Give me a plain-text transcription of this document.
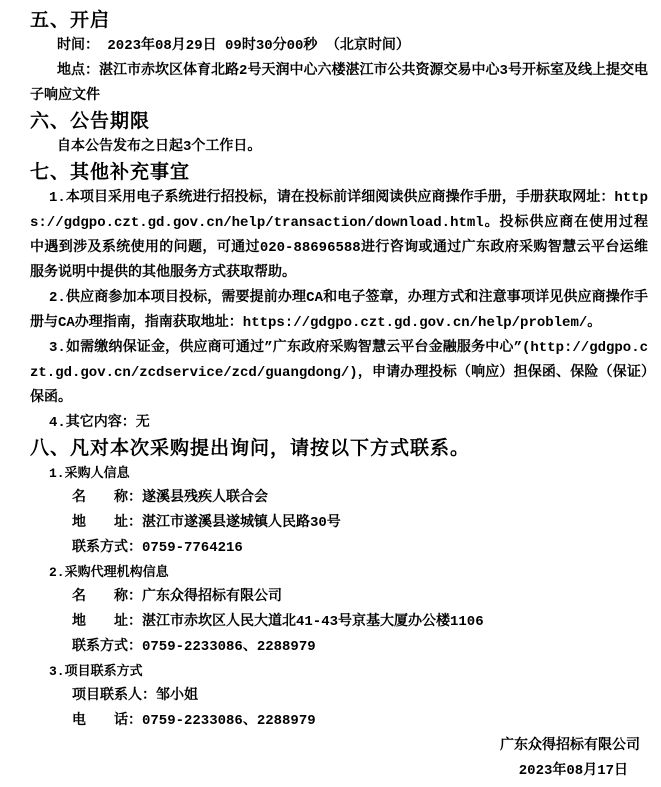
五、开启

时间： 2023年08月29日 09时30分00秒 （北京时间）

地点：湛江市赤坎区体育北路2号天润中心六楼湛江市公共资源交易中心3号开标室及线上提交电子响应文件

六、公告期限

自本公告发布之日起3个工作日。

七、其他补充事宜

1.本项目采用电子系统进行招投标，请在投标前详细阅读供应商操作手册，手册获取网址：https://gdgpo.czt.gd.gov.cn/help/transaction/download.html。投标供应商在使用过程中遇到涉及系统使用的问题，可通过020-88696588进行咨询或通过广东政府采购智慧云平台运维服务说明中提供的其他服务方式获取帮助。

2.供应商参加本项目投标，需要提前办理CA和电子签章，办理方式和注意事项详见供应商操作手册与CA办理指南，指南获取地址：https://gdgpo.czt.gd.gov.cn/help/problem/。

3.如需缴纳保证金，供应商可通过”广东政府采购智慧云平台金融服务中心”(http://gdgpo.czt.gd.gov.cn/zcdservice/zcd/guangdong/)，申请办理投标（响应）担保函、保险（保证）保函。

4.其它内容：无

八、凡对本次采购提出询问，请按以下方式联系。
1.采购人信息
名　　称：遂溪县残疾人联合会
地　　址：湛江市遂溪县遂城镇人民路30号
联系方式：0759-7764216
2.采购代理机构信息
名　　称：广东众得招标有限公司
地　　址：湛江市赤坎区人民大道北41-43号京基大厦办公楼1106
联系方式：0759-2233086、2288979
3.项目联系方式
项目联系人：邹小姐
电　　话：0759-2233086、2288979
广东众得招标有限公司
2023年08月17日
